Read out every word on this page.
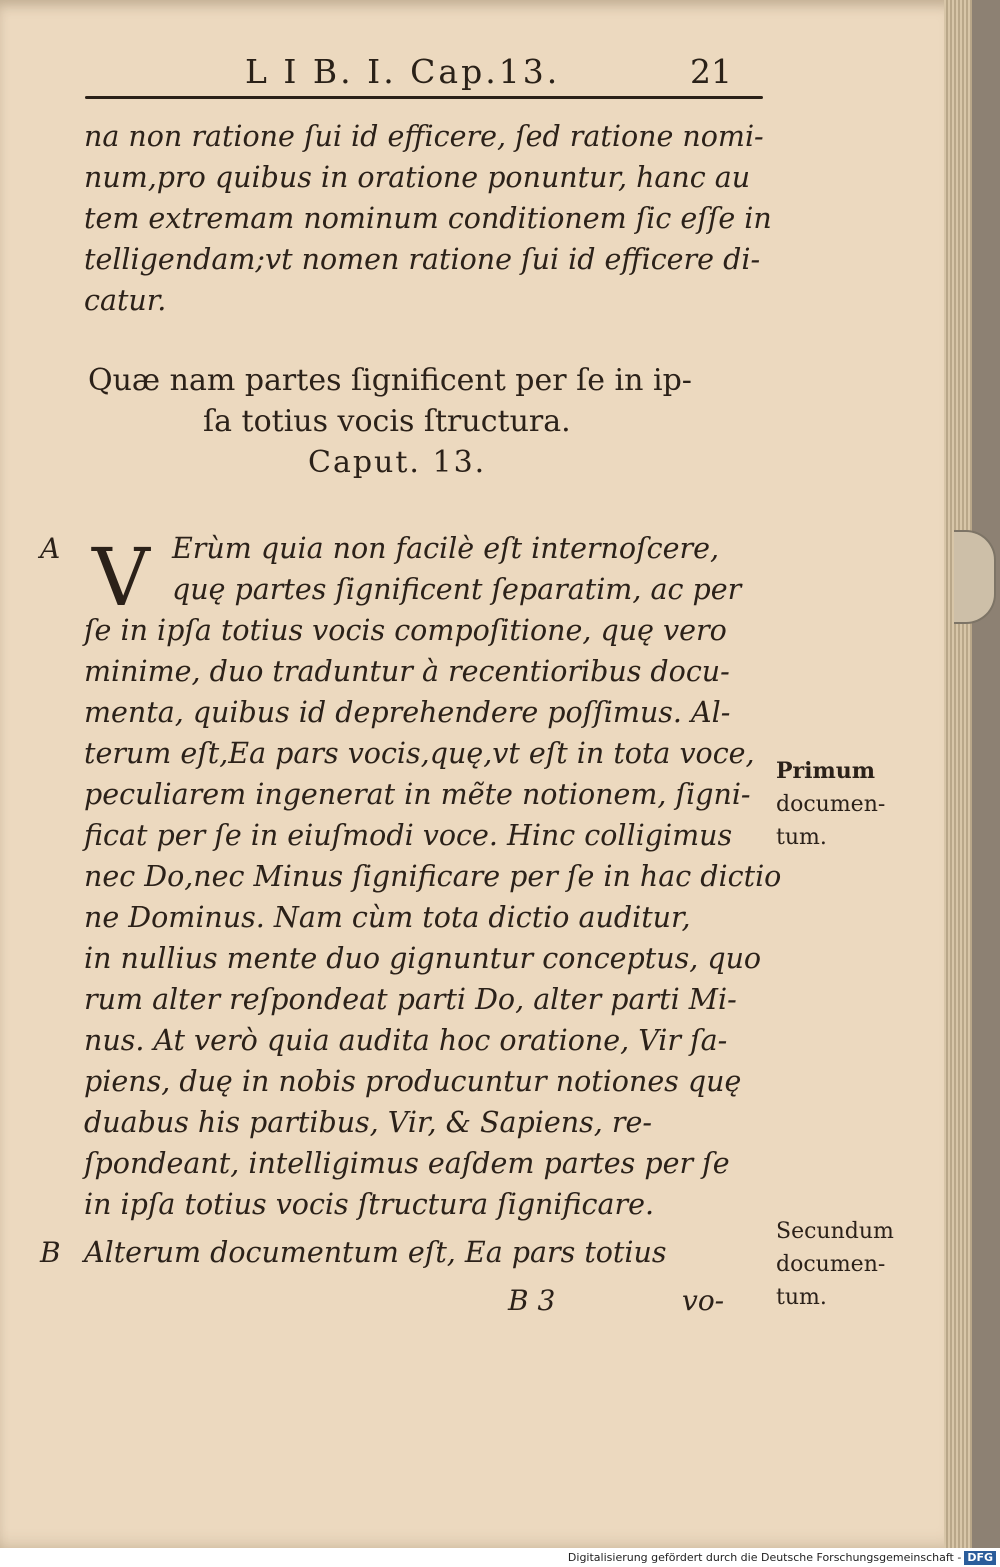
L I B. I. Cap.13.	21
na non ratione ſui id efficere, ſed ratione nomi-
num,pro quibus in oratione ponuntur, hanc au
tem extremam nominum conditionem ſic eſſe in
telligendam;vt nomen ratione ſui id efficere di-
catur.
Quæ nam partes ſignificent per ſe in ip-
ſa totius vocis ſtructura.
Caput. 13.
A V Erùm quia non facilè eſt internoſcere,
quę partes ſignificent ſeparatim, ac per
ſe in ipſa totius vocis compoſitione, quę vero
minime, duo traduntur à recentioribus docu-
menta, quibus id deprehendere poſſimus. Al-
terum eſt,Ea pars vocis,quę,vt eſt in tota voce,
peculiarem ingenerat in mẽte notionem, ſigni-
ficat per ſe in eiuſmodi voce. Hinc colligimus
nec Do,nec Minus ſignificare per ſe in hac dictio
ne Dominus. Nam cùm tota dictio auditur,
in nullius mente duo gignuntur conceptus, quo
rum alter reſpondeat parti Do, alter parti Mi-
nus. At verò quia audita hoc oratione, Vir ſa-
piens, duę in nobis producuntur notiones quę
duabus his partibus, Vir, & Sapiens, re-
ſpondeant, intelligimus eaſdem partes per ſe
in ipſa totius vocis ſtructura ſignificare.
B Alterum documentum eſt, Ea pars totius
B 3	vo-
Primum
documen-
tum.
Secundum
documen-
tum.
Digitalisierung gefördert durch die Deutsche Forschungsgemeinschaft - DFG
